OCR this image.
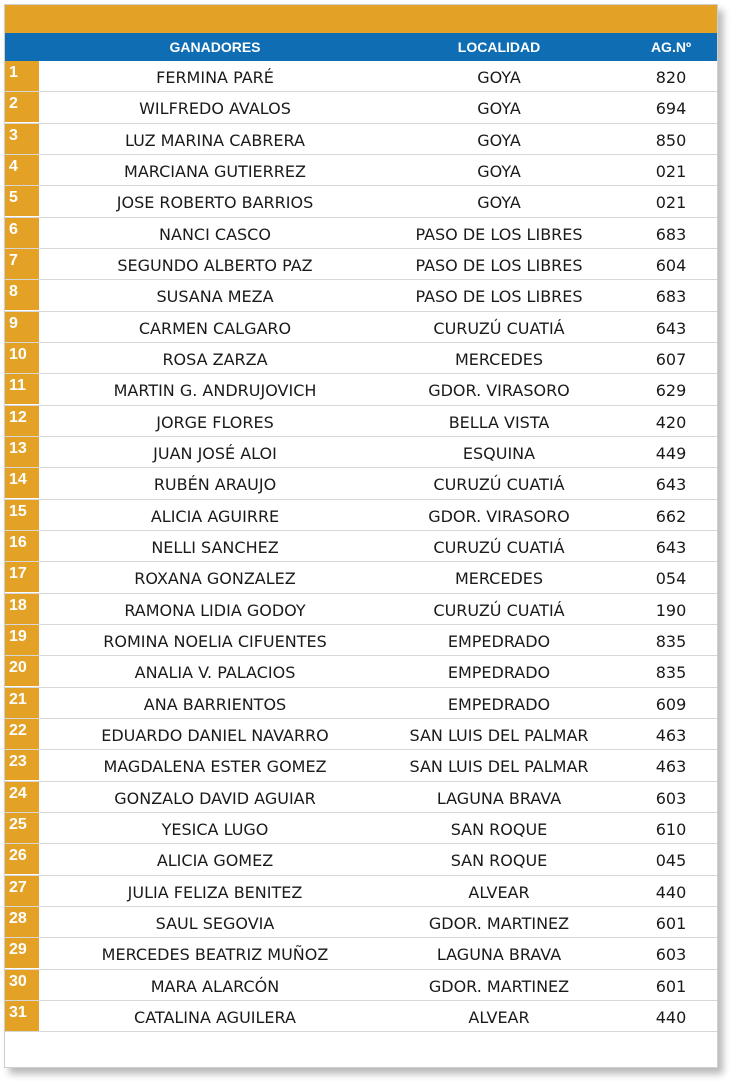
GANADORES	LOCALIDAD	AG.Nº
1	FERMINA PARÉ	GOYA	820
2	WILFREDO AVALOS	GOYA	694
3	LUZ MARINA CABRERA	GOYA	850
4	MARCIANA GUTIERREZ	GOYA	021
5	JOSE ROBERTO BARRIOS	GOYA	021
6	NANCI CASCO	PASO DE LOS LIBRES	683
7	SEGUNDO ALBERTO PAZ	PASO DE LOS LIBRES	604
8	SUSANA MEZA	PASO DE LOS LIBRES	683
9	CARMEN CALGARO	CURUZÚ CUATIÁ	643
10	ROSA ZARZA	MERCEDES	607
11	MARTIN G. ANDRUJOVICH	GDOR. VIRASORO	629
12	JORGE FLORES	BELLA VISTA	420
13	JUAN JOSÉ ALOI	ESQUINA	449
14	RUBÉN ARAUJO	CURUZÚ CUATIÁ	643
15	ALICIA AGUIRRE	GDOR. VIRASORO	662
16	NELLI SANCHEZ	CURUZÚ CUATIÁ	643
17	ROXANA GONZALEZ	MERCEDES	054
18	RAMONA LIDIA GODOY	CURUZÚ CUATIÁ	190
19	ROMINA NOELIA CIFUENTES	EMPEDRADO	835
20	ANALIA V. PALACIOS	EMPEDRADO	835
21	ANA BARRIENTOS	EMPEDRADO	609
22	EDUARDO DANIEL NAVARRO	SAN LUIS DEL PALMAR	463
23	MAGDALENA ESTER GOMEZ	SAN LUIS DEL PALMAR	463
24	GONZALO DAVID AGUIAR	LAGUNA BRAVA	603
25	YESICA LUGO	SAN ROQUE	610
26	ALICIA GOMEZ	SAN ROQUE	045
27	JULIA FELIZA BENITEZ	ALVEAR	440
28	SAUL SEGOVIA	GDOR. MARTINEZ	601
29	MERCEDES BEATRIZ MUÑOZ	LAGUNA BRAVA	603
30	MARA ALARCÓN	GDOR. MARTINEZ	601
31	CATALINA AGUILERA	ALVEAR	440
